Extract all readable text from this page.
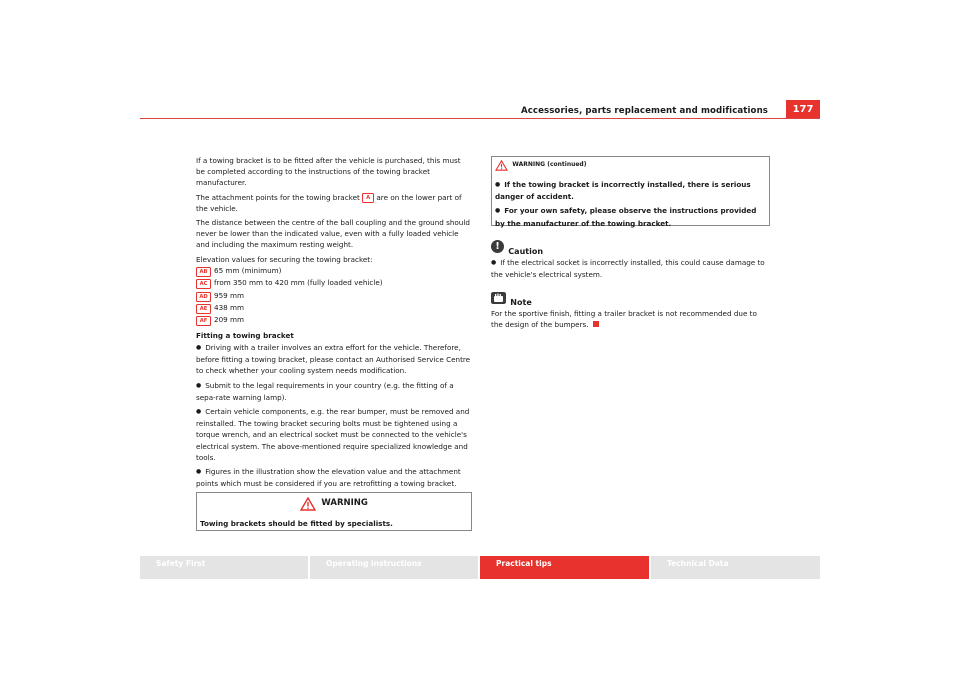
Accessories, parts replacement and modifications	177

If a towing bracket is to be fitted after the vehicle is purchased, this must be completed according to the instructions of the towing bracket manufacturer.

The attachment points for the towing bracket A are on the lower part of the vehicle.

The distance between the centre of the ball coupling and the ground should never be lower than the indicated value, even with a fully loaded vehicle and including the maximum resting weight.

Elevation values for securing the towing bracket:

AB 65 mm (minimum)
AC from 350 mm to 420 mm (fully loaded vehicle)
AD 959 mm
AE 438 mm
AF 209 mm

Fitting a towing bracket

● Driving with a trailer involves an extra effort for the vehicle. Therefore, before fitting a towing bracket, please contact an Authorised Service Centre to check whether your cooling system needs modification.

● Submit to the legal requirements in your country (e.g. the fitting of a sepa-rate warning lamp).

● Certain vehicle components, e.g. the rear bumper, must be removed and reinstalled. The towing bracket securing bolts must be tightened using a torque wrench, and an electrical socket must be connected to the vehicle's electrical system. The above-mentioned require specialized knowledge and tools.

● Figures in the illustration show the elevation value and the attachment points which must be considered if you are retrofitting a towing bracket.

WARNING
Towing brackets should be fitted by specialists.
WARNING (continued)

● If the towing bracket is incorrectly installed, there is serious danger of accident.

● For your own safety, please observe the instructions provided by the manufacturer of the towing bracket.

! Caution

● If the electrical socket is incorrectly installed, this could cause damage to the vehicle's electrical system.

Note

For the sportive finish, fitting a trailer bracket is not recommended due to the design of the bumpers.

Safety First	Operating instructions	Practical tips	Technical Data
